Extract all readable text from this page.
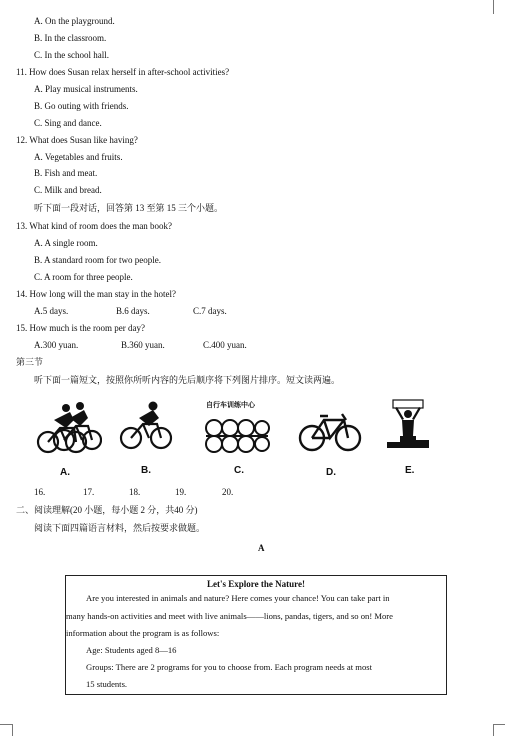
A. On the playground.
B. In the classroom.
C. In the school hall.
11. How does Susan relax herself in after-school activities?
A. Play musical instruments.
B. Go outing with friends.
C. Sing and dance.
12. What does Susan like having?
A. Vegetables and fruits.
B. Fish and meat.
C. Milk and bread.
听下面一段对话，回答第 13 至第 15 三个小题。
13. What kind of room does the man book?
A. A single room.
B. A standard room for two people.
C. A room for three people.
14. How long will the man stay in the hotel?
A.5 days.	B.6 days.	C.7 days.
15. How much is the room per day?
A.300 yuan.	B.360 yuan.	C.400 yuan.
第三节
听下面一篇短文，按照你所听内容的先后顺序将下列图片排序。短文读两遍。
A.	B.
自行车训练中心
C.	D.	E.
16.	17.	18.	19.	20.
二、阅读理解(20 小题，每小题 2 分，共40 分)
阅读下面四篇语言材料，然后按要求做题。
A
Let's Explore the Nature!
Are you interested in animals and nature? Here comes your chance! You can take part in
many hands-on activities and meet with live animals——lions, pandas, tigers, and so on! More
information about the program is as follows:
Age: Students aged 8—16
Groups: There are 2 programs for you to choose from. Each program needs at most
15 students.
